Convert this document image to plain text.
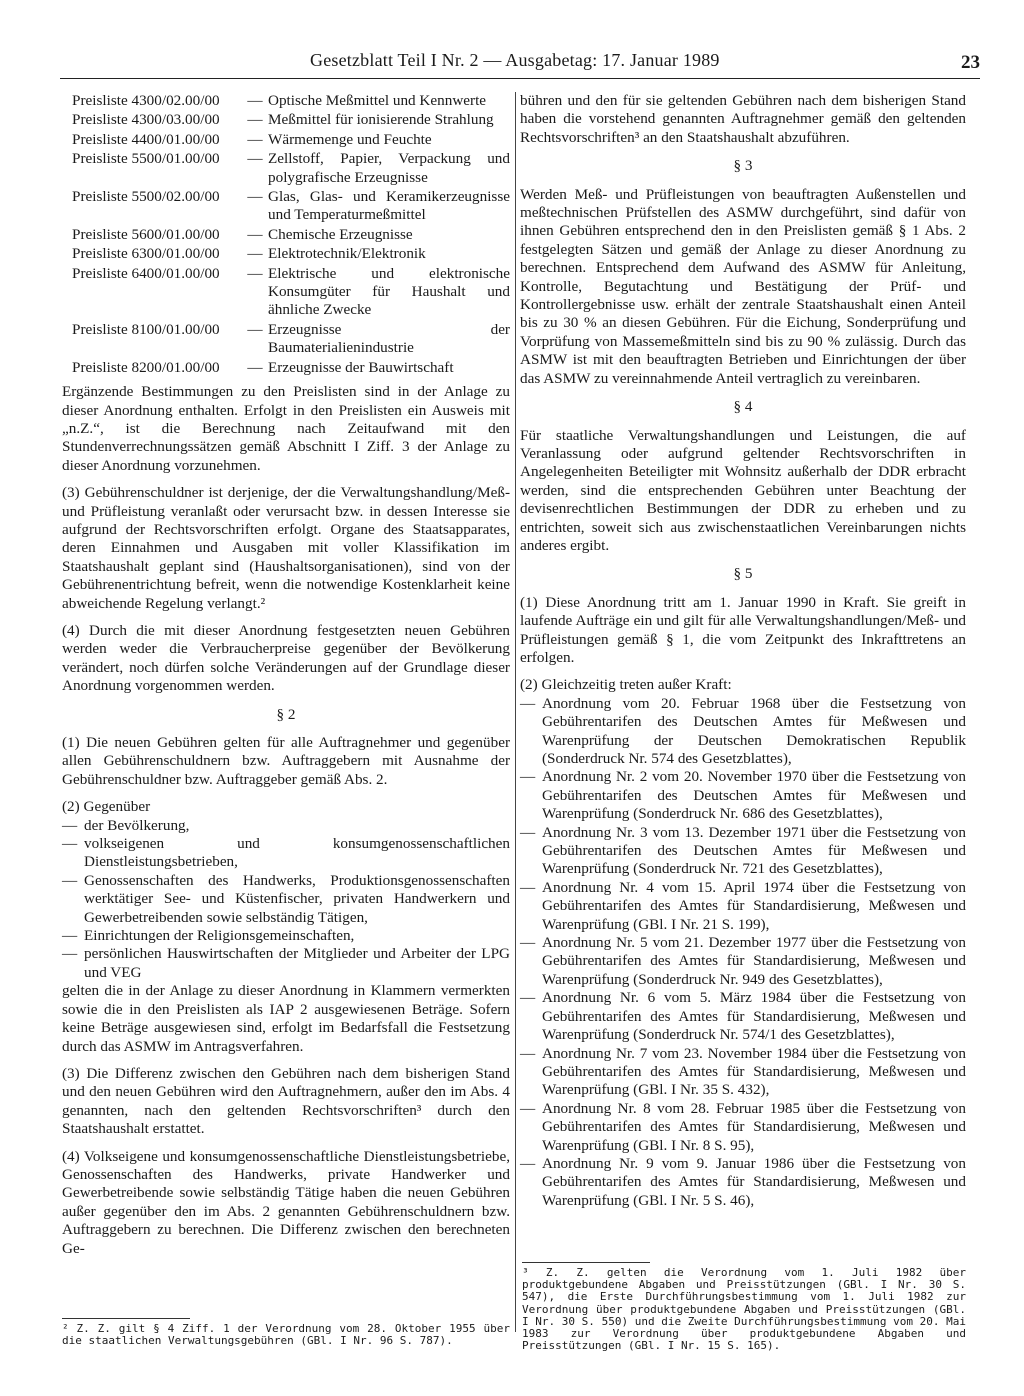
Gesetzblatt Teil I Nr. 2 — Ausgabetag: 17. Januar 1989	23
Preisliste 4300/02.00/00	— Optische Meßmittel und Kennwerte
Preisliste 4300/03.00/00	— Meßmittel für ionisierende Strahlung
Preisliste 4400/01.00/00	— Wärmemenge und Feuchte
Preisliste 5500/01.00/00	— Zellstoff, Papier, Verpackung und polygrafische Erzeugnisse
Preisliste 5500/02.00/00	— Glas, Glas- und Keramikerzeugnisse und Temperaturmeßmittel
Preisliste 5600/01.00/00	— Chemische Erzeugnisse
Preisliste 6300/01.00/00	— Elektrotechnik/Elektronik
Preisliste 6400/01.00/00	— Elektrische und elektronische Konsumgüter für Haushalt und ähnliche Zwecke
Preisliste 8100/01.00/00	— Erzeugnisse der Baumaterialienindustrie
Preisliste 8200/01.00/00	— Erzeugnisse der Bauwirtschaft

Ergänzende Bestimmungen zu den Preislisten sind in der Anlage zu dieser Anordnung enthalten. Erfolgt in den Preislisten ein Ausweis mit „n.Z.“, ist die Berechnung nach Zeitaufwand mit den Stundenverrechnungssätzen gemäß Abschnitt I Ziff. 3 der Anlage zu dieser Anordnung vorzunehmen.

(3) Gebührenschuldner ist derjenige, der die Verwaltungshandlung/Meß- und Prüfleistung veranlaßt oder verursacht bzw. in dessen Interesse sie aufgrund der Rechtsvorschriften erfolgt. Organe des Staatsapparates, deren Einnahmen und Ausgaben mit voller Klassifikation im Staatshaushalt geplant sind (Haushaltsorganisationen), sind von der Gebührenentrichtung befreit, wenn die notwendige Kostenklarheit keine abweichende Regelung verlangt.²

(4) Durch die mit dieser Anordnung festgesetzten neuen Gebühren werden weder die Verbraucherpreise gegenüber der Bevölkerung verändert, noch dürfen solche Veränderungen auf der Grundlage dieser Anordnung vorgenommen werden.

§ 2

(1) Die neuen Gebühren gelten für alle Auftragnehmer und gegenüber allen Gebührenschuldnern bzw. Auftraggebern mit Ausnahme der Gebührenschuldner bzw. Auftraggeber gemäß Abs. 2.

(2) Gegenüber
— der Bevölkerung,
— volkseigenen und konsumgenossenschaftlichen Dienstleistungsbetrieben,
— Genossenschaften des Handwerks, Produktionsgenossenschaften werktätiger See- und Küstenfischer, privaten Handwerkern und Gewerbetreibenden sowie selbständig Tätigen,
— Einrichtungen der Religionsgemeinschaften,
— persönlichen Hauswirtschaften der Mitglieder und Arbeiter der LPG und VEG

gelten die in der Anlage zu dieser Anordnung in Klammern vermerkten sowie die in den Preislisten als IAP 2 ausgewiesenen Beträge. Sofern keine Beträge ausgewiesen sind, erfolgt im Bedarfsfall die Festsetzung durch das ASMW im Antragsverfahren.

(3) Die Differenz zwischen den Gebühren nach dem bisherigen Stand und den neuen Gebühren wird den Auftragnehmern, außer den im Abs. 4 genannten, nach den geltenden Rechtsvorschriften³ durch den Staatshaushalt erstattet.

(4) Volkseigene und konsumgenossenschaftliche Dienstleistungsbetriebe, Genossenschaften des Handwerks, private Handwerker und Gewerbetreibende sowie selbständig Tätige haben die neuen Gebühren außer gegenüber den im Abs. 2 genannten Gebührenschuldnern bzw. Auftraggebern zu berechnen. Die Differenz zwischen den berechneten Ge-

² Z. Z. gilt § 4 Ziff. 1 der Verordnung vom 28. Oktober 1955 über die staatlichen Verwaltungsgebühren (GBl. I Nr. 96 S. 787).

bühren und den für sie geltenden Gebühren nach dem bisherigen Stand haben die vorstehend genannten Auftragnehmer gemäß den geltenden Rechtsvorschriften³ an den Staatshaushalt abzuführen.

§ 3

Werden Meß- und Prüfleistungen von beauftragten Außenstellen und meßtechnischen Prüfstellen des ASMW durchgeführt, sind dafür von ihnen Gebühren entsprechend den in den Preislisten gemäß § 1 Abs. 2 festgelegten Sätzen und gemäß der Anlage zu dieser Anordnung zu berechnen. Entsprechend dem Aufwand des ASMW für Anleitung, Kontrolle, Begutachtung und Bestätigung der Prüf- und Kontrollergebnisse usw. erhält der zentrale Staatshaushalt einen Anteil bis zu 30 % an diesen Gebühren. Für die Eichung, Sonderprüfung und Vorprüfung von Massemeßmitteln sind bis zu 90 % zulässig. Durch das ASMW ist mit den beauftragten Betrieben und Einrichtungen der über das ASMW zu vereinnahmende Anteil vertraglich zu vereinbaren.

§ 4

Für staatliche Verwaltungshandlungen und Leistungen, die auf Veranlassung oder aufgrund geltender Rechtsvorschriften in Angelegenheiten Beteiligter mit Wohnsitz außerhalb der DDR erbracht werden, sind die entsprechenden Gebühren unter Beachtung der devisenrechtlichen Bestimmungen der DDR zu erheben und zu entrichten, soweit sich aus zwischenstaatlichen Vereinbarungen nichts anderes ergibt.

§ 5

(1) Diese Anordnung tritt am 1. Januar 1990 in Kraft. Sie greift in laufende Aufträge ein und gilt für alle Verwaltungshandlungen/Meß- und Prüfleistungen gemäß § 1, die vom Zeitpunkt des Inkrafttretens an erfolgen.

(2) Gleichzeitig treten außer Kraft:
— Anordnung vom 20. Februar 1968 über die Festsetzung von Gebührentarifen des Deutschen Amtes für Meßwesen und Warenprüfung der Deutschen Demokratischen Republik (Sonderdruck Nr. 574 des Gesetzblattes),
— Anordnung Nr. 2 vom 20. November 1970 über die Festsetzung von Gebührentarifen des Deutschen Amtes für Meßwesen und Warenprüfung (Sonderdruck Nr. 686 des Gesetzblattes),
— Anordnung Nr. 3 vom 13. Dezember 1971 über die Festsetzung von Gebührentarifen des Deutschen Amtes für Meßwesen und Warenprüfung (Sonderdruck Nr. 721 des Gesetzblattes),
— Anordnung Nr. 4 vom 15. April 1974 über die Festsetzung von Gebührentarifen des Amtes für Standardisierung, Meßwesen und Warenprüfung (GBl. I Nr. 21 S. 199),
— Anordnung Nr. 5 vom 21. Dezember 1977 über die Festsetzung von Gebührentarifen des Amtes für Standardisierung, Meßwesen und Warenprüfung (Sonderdruck Nr. 949 des Gesetzblattes),
— Anordnung Nr. 6 vom 5. März 1984 über die Festsetzung von Gebührentarifen des Amtes für Standardisierung, Meßwesen und Warenprüfung (Sonderdruck Nr. 574/1 des Gesetzblattes),
— Anordnung Nr. 7 vom 23. November 1984 über die Festsetzung von Gebührentarifen des Amtes für Standardisierung, Meßwesen und Warenprüfung (GBl. I Nr. 35 S. 432),
— Anordnung Nr. 8 vom 28. Februar 1985 über die Festsetzung von Gebührentarifen des Amtes für Standardisierung, Meßwesen und Warenprüfung (GBl. I Nr. 8 S. 95),
— Anordnung Nr. 9 vom 9. Januar 1986 über die Festsetzung von Gebührentarifen des Amtes für Standardisierung, Meßwesen und Warenprüfung (GBl. I Nr. 5 S. 46),
³ Z. Z. gelten die Verordnung vom 1. Juli 1982 über produktgebundene Abgaben und Preisstützungen (GBl. I Nr. 30 S. 547), die Erste Durchführungsbestimmung vom 1. Juli 1982 zur Verordnung über produktgebundene Abgaben und Preisstützungen (GBl. I Nr. 30 S. 550) und die Zweite Durchführungsbestimmung vom 20. Mai 1983 zur Verordnung über produktgebundene Abgaben und Preisstützungen (GBl. I Nr. 15 S. 165).
